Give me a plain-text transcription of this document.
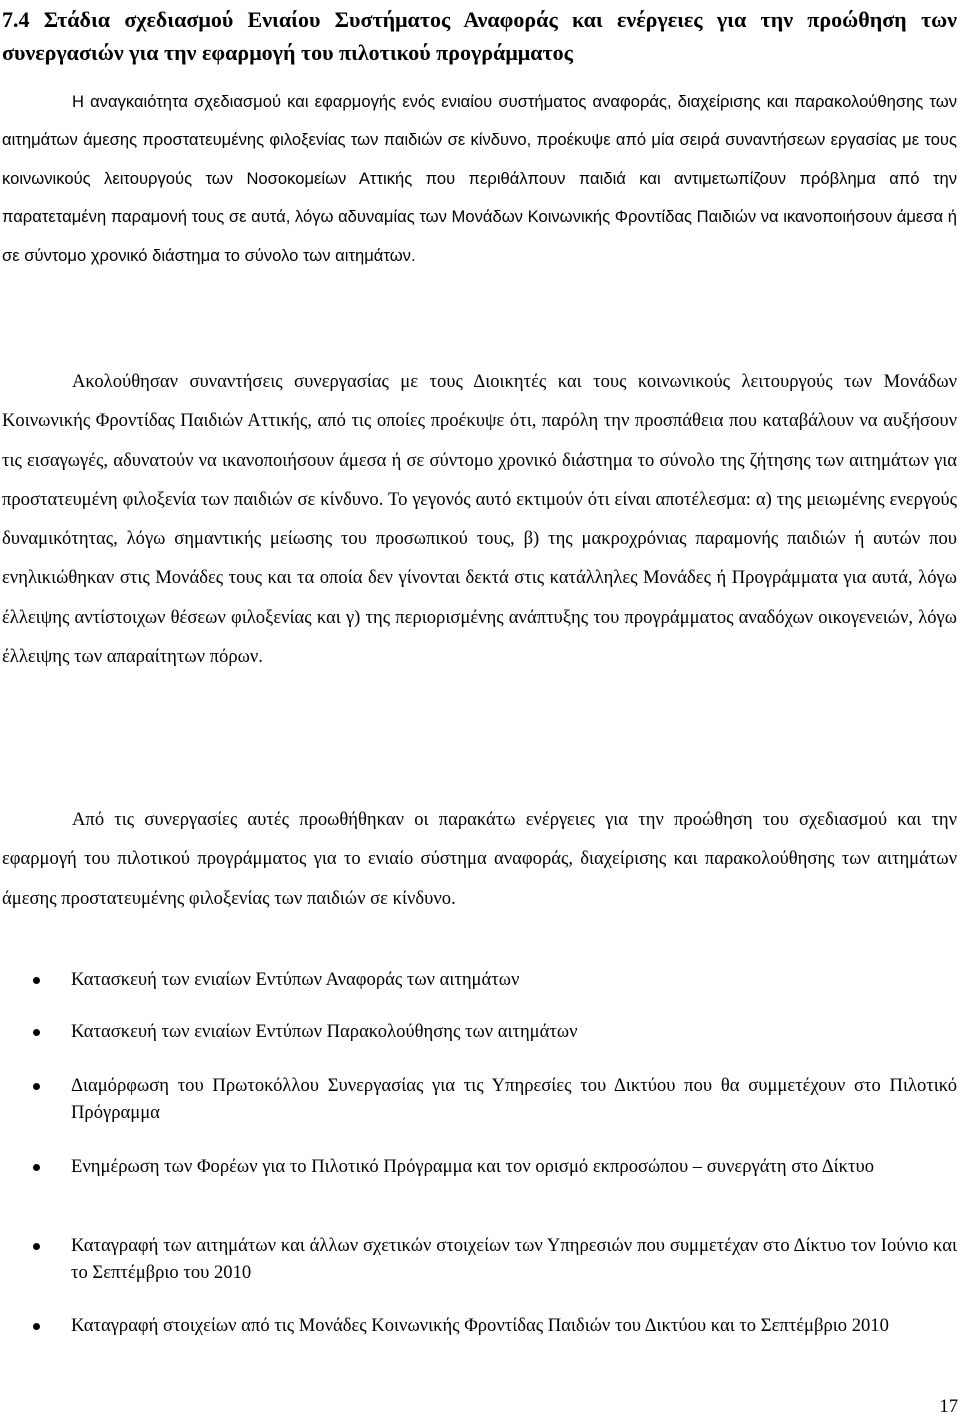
7.4 Στάδια σχεδιασμού Ενιαίου Συστήματος Αναφοράς και ενέργειες για την προώθηση των συνεργασιών για την εφαρμογή του πιλοτικού προγράμματος

Η αναγκαιότητα σχεδιασμού και εφαρμογής ενός ενιαίου συστήματος αναφοράς, διαχείρισης και παρακολούθησης των αιτημάτων άμεσης προστατευμένης φιλοξενίας των παιδιών σε κίνδυνο, προέκυψε από μία σειρά συναντήσεων εργασίας με τους κοινωνικούς λειτουργούς των Νοσοκομείων Αττικής που περιθάλπουν παιδιά και αντιμετωπίζουν πρόβλημα από την παρατεταμένη παραμονή τους σε αυτά, λόγω αδυναμίας των Μονάδων Κοινωνικής Φροντίδας Παιδιών να ικανοποιήσουν άμεσα ή σε σύντομο χρονικό διάστημα το σύνολο των αιτημάτων.

Ακολούθησαν συναντήσεις συνεργασίας με τους Διοικητές και τους κοινωνικούς λειτουργούς των Μονάδων Κοινωνικής Φροντίδας Παιδιών Αττικής, από τις οποίες προέκυψε ότι, παρόλη την προσπάθεια που καταβάλουν να αυξήσουν τις εισαγωγές, αδυνατούν να ικανοποιήσουν άμεσα ή σε σύντομο χρονικό διάστημα το σύνολο της ζήτησης των αιτημάτων για προστατευμένη φιλοξενία των παιδιών σε κίνδυνο. Το γεγονός αυτό εκτιμούν ότι είναι αποτέλεσμα: α) της μειωμένης ενεργούς δυναμικότητας, λόγω σημαντικής μείωσης του προσωπικού τους, β) της μακροχρόνιας παραμονής παιδιών ή αυτών που ενηλικιώθηκαν στις Μονάδες τους και τα οποία δεν γίνονται δεκτά στις κατάλληλες Μονάδες ή Προγράμματα για αυτά, λόγω έλλειψης αντίστοιχων θέσεων φιλοξενίας και γ) της περιορισμένης ανάπτυξης του προγράμματος αναδόχων οικογενειών, λόγω έλλειψης των απαραίτητων πόρων.

Από τις συνεργασίες αυτές προωθήθηκαν οι παρακάτω ενέργειες για την προώθηση του σχεδιασμού και την εφαρμογή του πιλοτικού προγράμματος για το ενιαίο σύστημα αναφοράς, διαχείρισης και παρακολούθησης των αιτημάτων άμεσης προστατευμένης φιλοξενίας των παιδιών σε κίνδυνο.

Κατασκευή των ενιαίων Εντύπων Αναφοράς των αιτημάτων

Κατασκευή των ενιαίων Εντύπων Παρακολούθησης των αιτημάτων

Διαμόρφωση του Πρωτοκόλλου Συνεργασίας για τις Υπηρεσίες του Δικτύου που θα συμμετέχουν στο Πιλοτικό Πρόγραμμα

Ενημέρωση των Φορέων για το Πιλοτικό Πρόγραμμα και τον ορισμό εκπροσώπου – συνεργάτη στο Δίκτυο

Καταγραφή των αιτημάτων και άλλων σχετικών στοιχείων των Υπηρεσιών που συμμετέχαν στο Δίκτυο τον Ιούνιο και το Σεπτέμβριο του 2010

Καταγραφή στοιχείων από τις Μονάδες Κοινωνικής Φροντίδας Παιδιών του Δικτύου και το Σεπτέμβριο 2010

17
